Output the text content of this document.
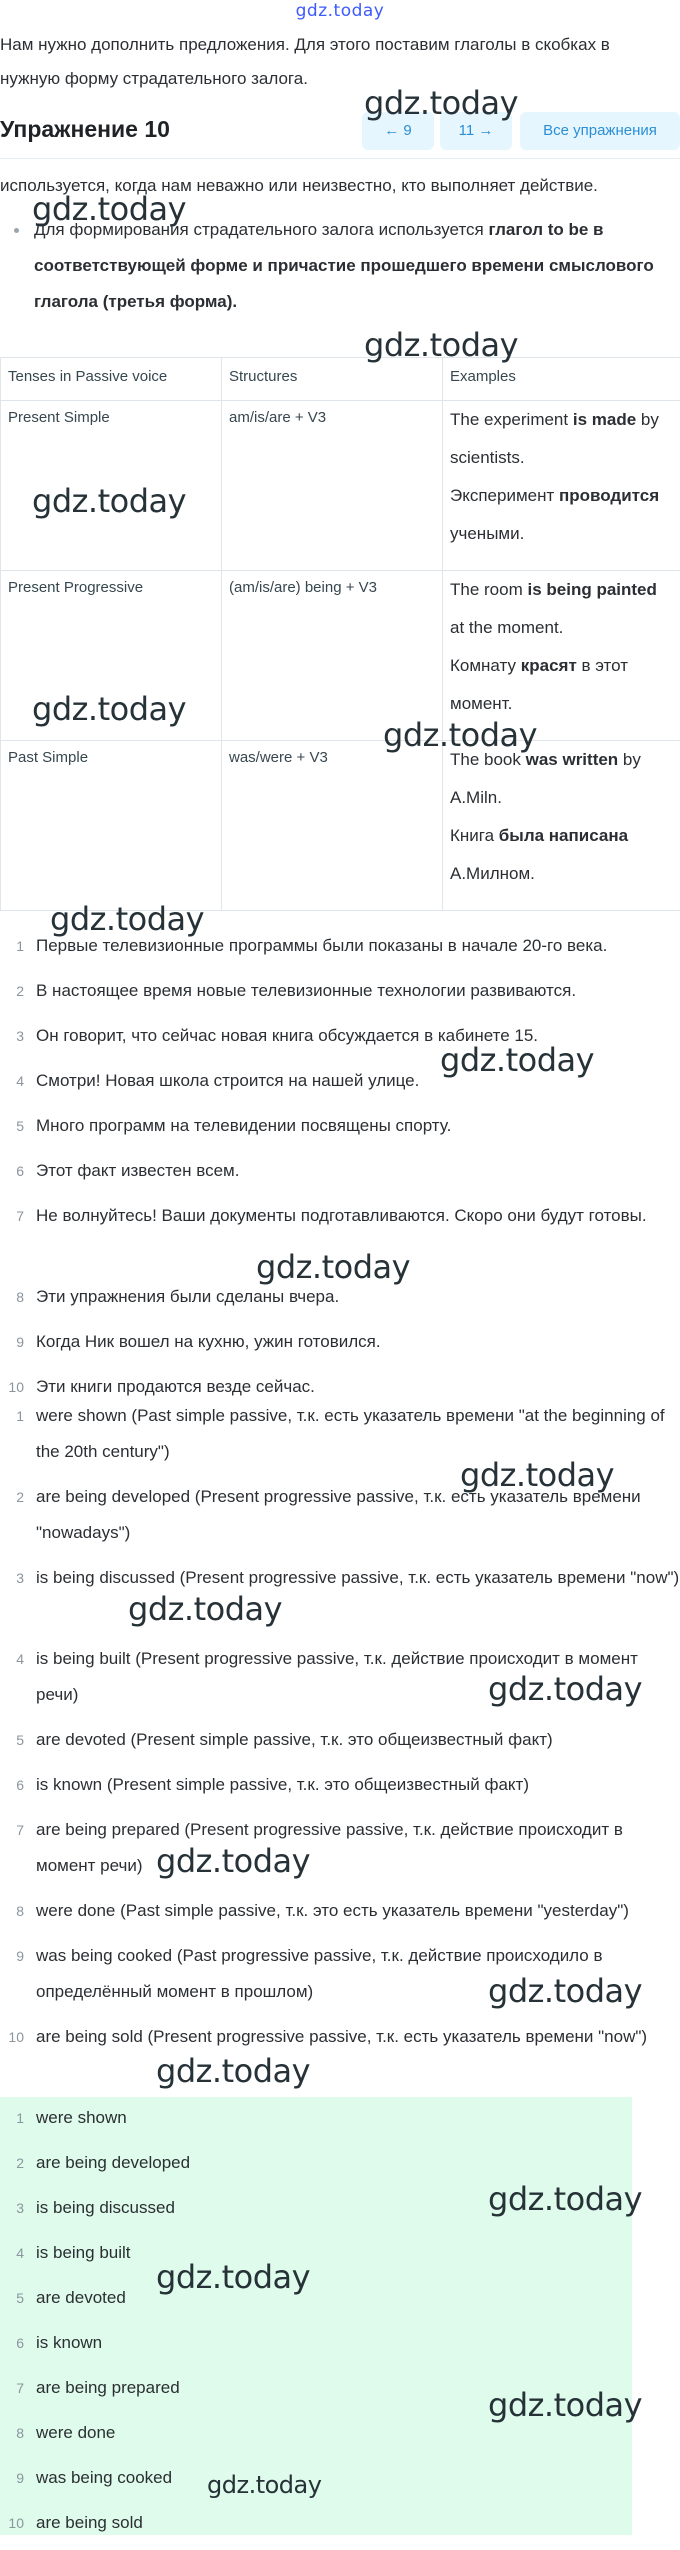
gdz.today
Нам нужно дополнить предложения. Для этого поставим глаголы в скобках в нужную форму страдательного залога.
Упражнение 10	← 9	11 →	Все упражнения

используется, когда нам неважно или неизвестно, кто выполняет действие.

Для формирования страдательного залога используется глагол to be в соответствующей форме и причастие прошедшего времени смыслового глагола (третья форма).

Tenses in Passive voice	Structures	Examples
Present Simple	am/is/are + V3	The experiment is made by scientists.

Эксперимент проводится учеными.

Present Progressive	(am/is/are) being + V3	The room is being painted at the moment.

Комнату красят в этот момент.

Past Simple	was/were + V3	The book was written by A.Miln.

Книга была написана А.Милном.

1 Первые телевизионные программы были показаны в начале 20-го века.
2 В настоящее время новые телевизионные технологии развиваются.
3 Он говорит, что сейчас новая книга обсуждается в кабинете 15.
4 Смотри! Новая школа строится на нашей улице.
5 Много программ на телевидении посвящены спорту.
6 Этот факт известен всем.
7 Не волнуйтесь! Ваши документы подготавливаются. Скоро они будут готовы.
8 Эти упражнения были сделаны вчера.
9 Когда Ник вошел на кухню, ужин готовился.
10 Эти книги продаются везде сейчас.
1 were shown (Past simple passive, т.к. есть указатель времени "at the beginning of the 20th century")
2 are being developed (Present progressive passive, т.к. есть указатель времени "nowadays")
3 is being discussed (Present progressive passive, т.к. есть указатель времени "now")
4 is being built (Present progressive passive, т.к. действие происходит в момент речи)
5 are devoted (Present simple passive, т.к. это общеизвестный факт)
6 is known (Present simple passive, т.к. это общеизвестный факт)
7 are being prepared (Present progressive passive, т.к. действие происходит в момент речи)
8 were done (Past simple passive, т.к. это есть указатель времени "yesterday")
9 was being cooked (Past progressive passive, т.к. действие происходило в определённый момент в прошлом)
10 are being sold (Present progressive passive, т.к. есть указатель времени "now")
1 were shown
2 are being developed
3 is being discussed
4 is being built
5 are devoted
6 is known
7 are being prepared
8 were done
9 was being cooked
10 are being sold
gdz.today
gdz.today
gdz.today
gdz.today
gdz.today
gdz.today
gdz.today
gdz.today
gdz.today
gdz.today
gdz.today
gdz.today
gdz.today
gdz.today
gdz.today
gdz.today
gdz.today
gdz.today
gdz.today
